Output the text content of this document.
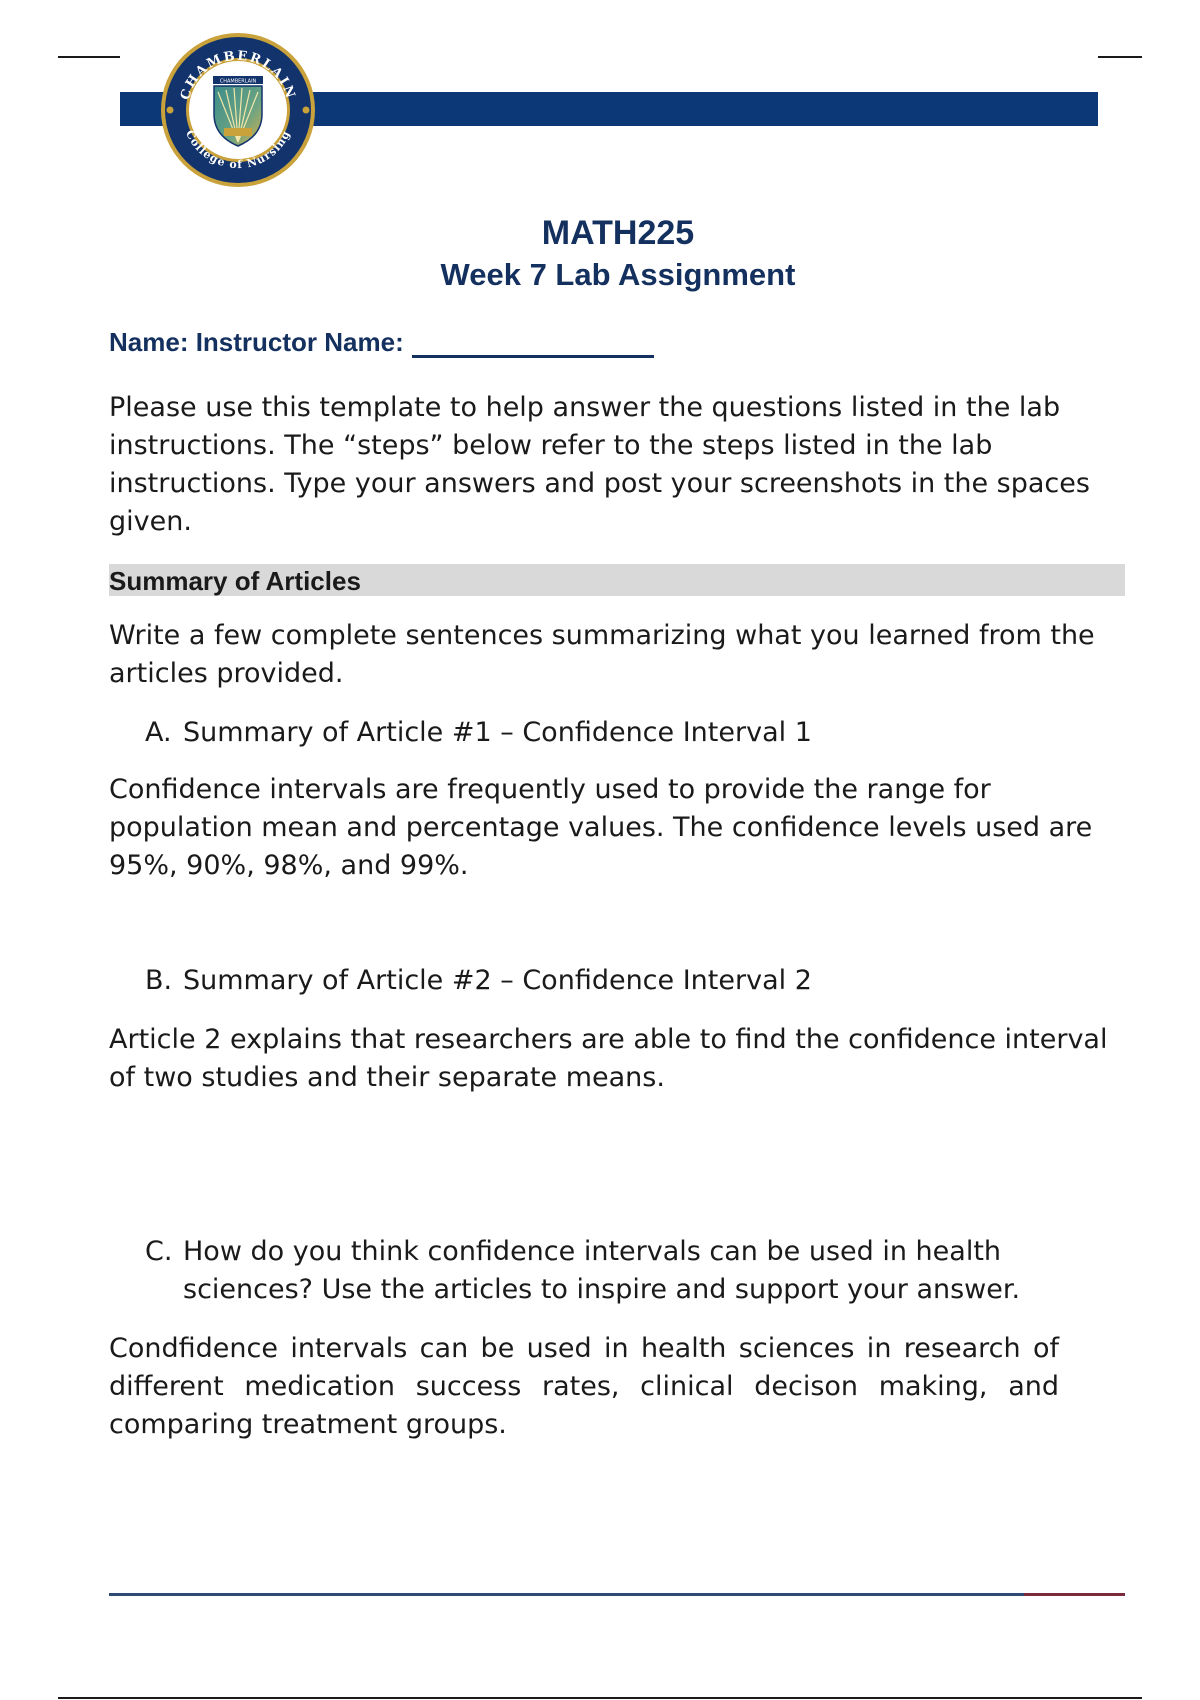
CHAMBERLAIN
College of Nursing
CHAMBERLAIN
MATH225
Week 7 Lab Assignment
Name: Instructor Name:

Please use this template to help answer the questions listed in the lab instructions. The “steps” below refer to the steps listed in the lab instructions. Type your answers and post your screenshots in the spaces given.

Summary of Articles

Write a few complete sentences summarizing what you learned from the articles provided.

A. Summary of Article #1 – Confidence Interval 1

Confidence intervals are frequently used to provide the range for population mean and percentage values. The confidence levels used are 95%, 90%, 98%, and 99%.

B. Summary of Article #2 – Confidence Interval 2

Article 2 explains that researchers are able to find the confidence interval of two studies and their separate means.

C. How do you think confidence intervals can be used in health sciences? Use the articles to inspire and support your answer.

Condfidence intervals can be used in health sciences in research of different medication success rates, clinical decison making, and comparing treatment groups.
